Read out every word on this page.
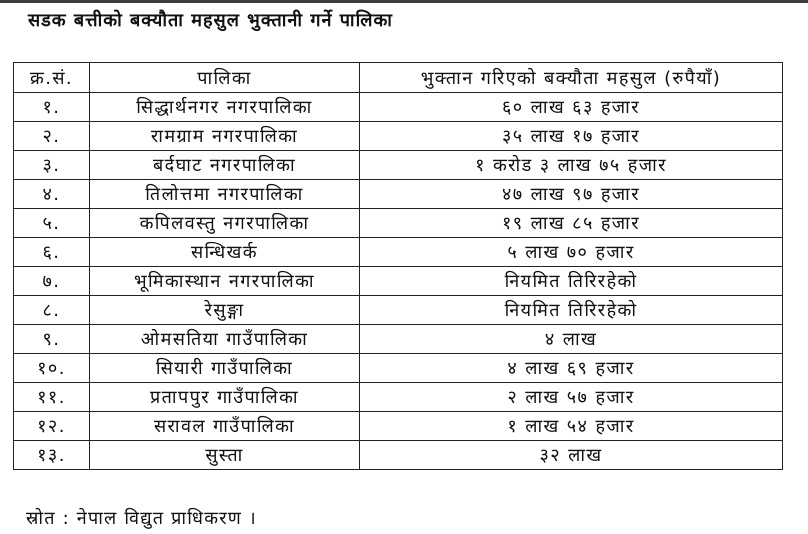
सडक बत्तीको बक्यौता महसुल भुक्तानी गर्ने पालिका
क्र.सं.	पालिका	भुक्तान गरिएको बक्यौता महसुल (रुपैयाँ)
१.	सिद्धार्थनगर नगरपालिका	६० लाख ६३ हजार
२.	रामग्राम नगरपालिका	३५ लाख १७ हजार
३.	बर्दघाट नगरपालिका	१ करोड ३ लाख ७५ हजार
४.	तिलोत्तमा नगरपालिका	४७ लाख ९७ हजार
५.	कपिलवस्तु नगरपालिका	१९ लाख ८५ हजार
६.	सन्धिखर्क	५ लाख ७० हजार
७.	भूमिकास्थान नगरपालिका	नियमित तिरिरहेको
८.	रेसुङ्गा	नियमित तिरिरहेको
९.	ओमसतिया गाउँपालिका	४ लाख
१०.	सियारी गाउँपालिका	४ लाख ६९ हजार
११.	प्रतापपुर गाउँपालिका	२ लाख ५७ हजार
१२.	सरावल गाउँपालिका	१ लाख ५४ हजार
१३.	सुस्ता	३२ लाख
स्रोत : नेपाल विद्युत प्राधिकरण ।
